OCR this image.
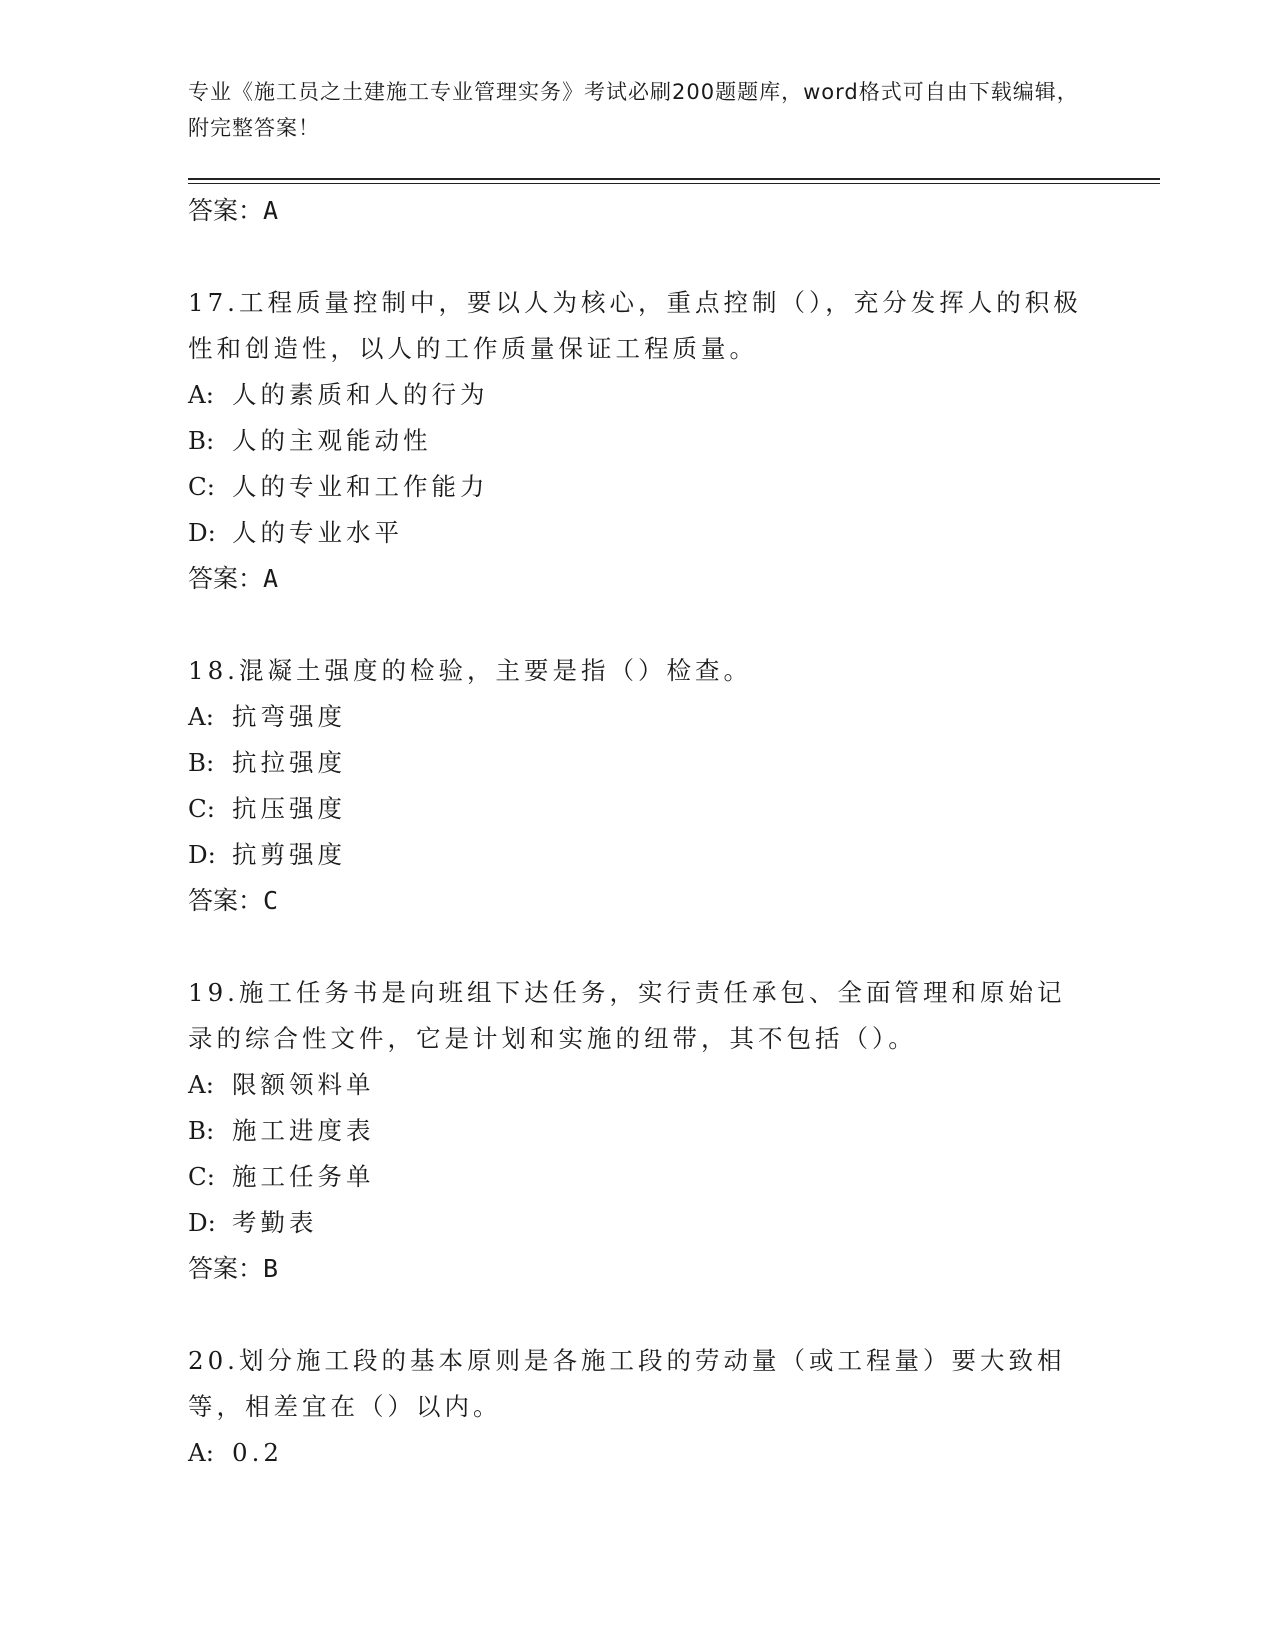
专业《施工员之土建施工专业管理实务》考试必刷200题题库，word格式可自由下载编辑，附完整答案！
答案：A
17.工程质量控制中，要以人为核心，重点控制（），充分发挥人的积极性和创造性，以人的工作质量保证工程质量。
A: 人的素质和人的行为
B: 人的主观能动性
C: 人的专业和工作能力
D: 人的专业水平
答案：A
18.混凝土强度的检验，主要是指（）检查。
A: 抗弯强度
B: 抗拉强度
C: 抗压强度
D: 抗剪强度
答案：C
19.施工任务书是向班组下达任务，实行责任承包、全面管理和原始记录的综合性文件，它是计划和实施的纽带，其不包括（）。
A: 限额领料单
B: 施工进度表
C: 施工任务单
D: 考勤表
答案：B
20.划分施工段的基本原则是各施工段的劳动量（或工程量）要大致相等，相差宜在（）以内。
A: 0.2
